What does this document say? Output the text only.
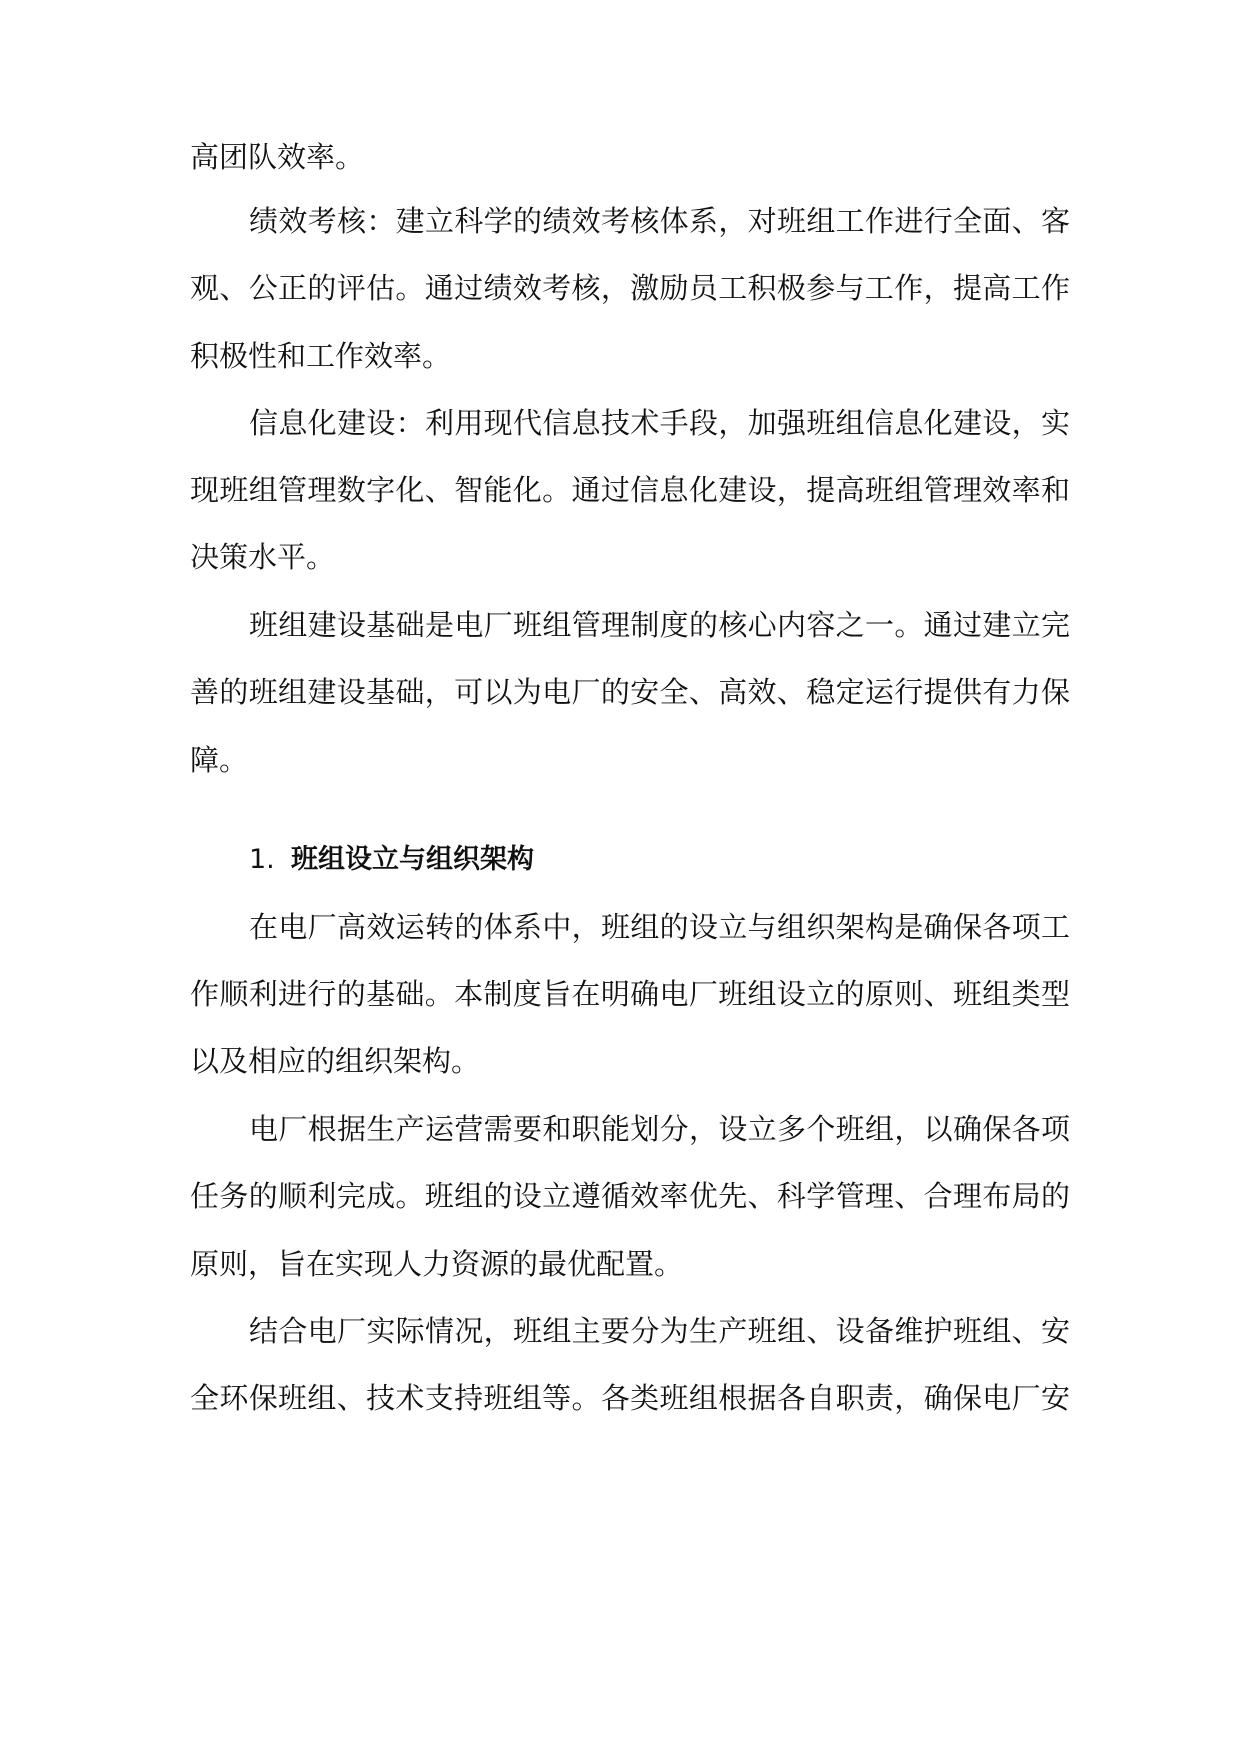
高团队效率。
绩效考核：建立科学的绩效考核体系，对班组工作进行全面、客
观、公正的评估。通过绩效考核，激励员工积极参与工作，提高工作
积极性和工作效率。
信息化建设：利用现代信息技术手段，加强班组信息化建设，实
现班组管理数字化、智能化。通过信息化建设，提高班组管理效率和
决策水平。
班组建设基础是电厂班组管理制度的核心内容之一。通过建立完
善的班组建设基础，可以为电厂的安全、高效、稳定运行提供有力保
障。
1. 班组设立与组织架构
在电厂高效运转的体系中，班组的设立与组织架构是确保各项工
作顺利进行的基础。本制度旨在明确电厂班组设立的原则、班组类型
以及相应的组织架构。
电厂根据生产运营需要和职能划分，设立多个班组，以确保各项
任务的顺利完成。班组的设立遵循效率优先、科学管理、合理布局的
原则，旨在实现人力资源的最优配置。
结合电厂实际情况，班组主要分为生产班组、设备维护班组、安
全环保班组、技术支持班组等。各类班组根据各自职责，确保电厂安
